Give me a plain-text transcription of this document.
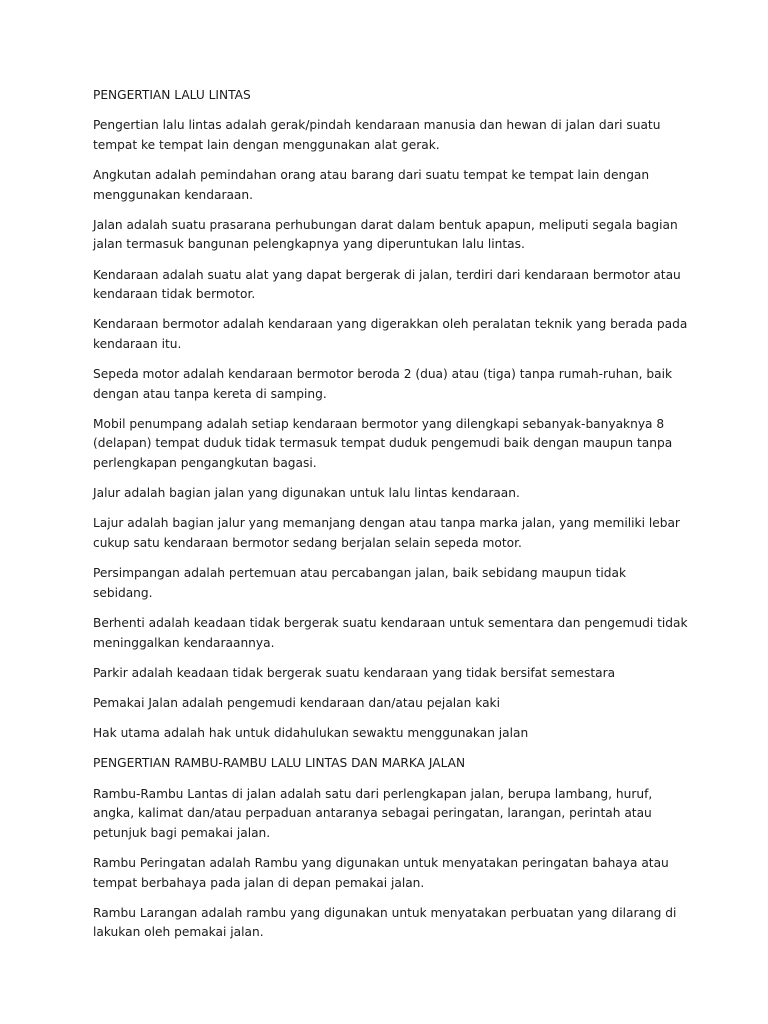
PENGERTIAN LALU LINTAS

Pengertian lalu lintas adalah gerak/pindah kendaraan manusia dan hewan di jalan dari suatu tempat ke tempat lain dengan menggunakan alat gerak.

Angkutan adalah pemindahan orang atau barang dari suatu tempat ke tempat lain dengan menggunakan kendaraan.

Jalan adalah suatu prasarana perhubungan darat dalam bentuk apapun, meliputi segala bagian jalan termasuk bangunan pelengkapnya yang diperuntukan lalu lintas.

Kendaraan adalah suatu alat yang dapat bergerak di jalan, terdiri dari kendaraan bermotor atau kendaraan tidak bermotor.

Kendaraan bermotor adalah kendaraan yang digerakkan oleh peralatan teknik yang berada pada kendaraan itu.

Sepeda motor adalah kendaraan bermotor beroda 2 (dua) atau (tiga) tanpa rumah-ruhan, baik dengan atau tanpa kereta di samping.

Mobil penumpang adalah setiap kendaraan bermotor yang dilengkapi sebanyak-banyaknya 8 (delapan) tempat duduk tidak termasuk tempat duduk pengemudi baik dengan maupun tanpa perlengkapan pengangkutan bagasi.

Jalur adalah bagian jalan yang digunakan untuk lalu lintas kendaraan.

Lajur adalah bagian jalur yang memanjang dengan atau tanpa marka jalan, yang memiliki lebar cukup satu kendaraan bermotor sedang berjalan selain sepeda motor.

Persimpangan adalah pertemuan atau percabangan jalan, baik sebidang maupun tidak sebidang.

Berhenti adalah keadaan tidak bergerak suatu kendaraan untuk sementara dan pengemudi tidak meninggalkan kendaraannya.

Parkir adalah keadaan tidak bergerak suatu kendaraan yang tidak bersifat semestara

Pemakai Jalan adalah pengemudi kendaraan dan/atau pejalan kaki

Hak utama adalah hak untuk didahulukan sewaktu menggunakan jalan

PENGERTIAN RAMBU-RAMBU LALU LINTAS DAN MARKA JALAN

Rambu-Rambu Lantas di jalan adalah satu dari perlengkapan jalan, berupa lambang, huruf, angka, kalimat dan/atau perpaduan antaranya sebagai peringatan, larangan, perintah atau petunjuk bagi pemakai jalan.

Rambu Peringatan adalah Rambu yang digunakan untuk menyatakan peringatan bahaya atau tempat berbahaya pada jalan di depan pemakai jalan.

Rambu Larangan adalah rambu yang digunakan untuk menyatakan perbuatan yang dilarang di lakukan oleh pemakai jalan.
